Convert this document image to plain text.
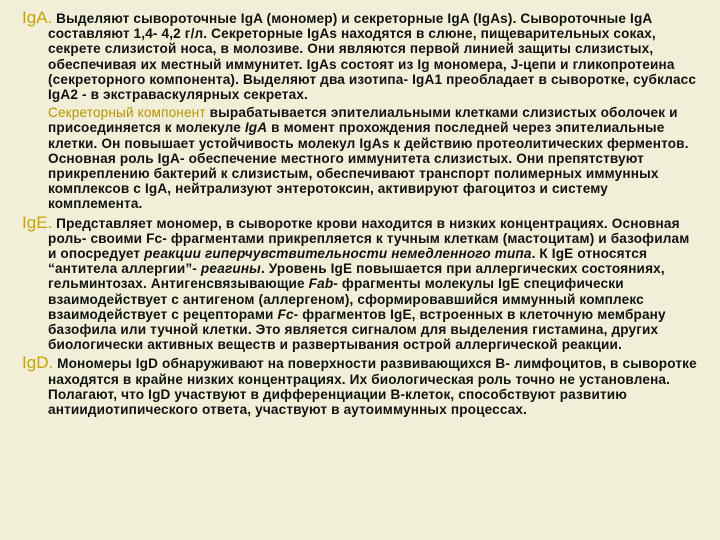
IgA. Выделяют сывороточные IgA (мономер) и секреторные IgA (IgAs). Сывороточные IgA составляют 1,4- 4,2 г/л. Секреторные IgAs находятся в слюне, пищеварительных соках, секрете слизистой носа, в молозиве. Они являются первой линией защиты слизистых, обеспечивая их местный иммунитет. IgAs состоят из Ig мономера, J-цепи и гликопротеина (секреторного компонента). Выделяют два изотипа- IgA1 преобладает в сыворотке, субкласс IgA2 - в экстраваскулярных секретах.

Секреторный компонент вырабатывается эпителиальными клетками слизистых оболочек и присоединяется к молекуле IgA в момент прохождения последней через эпителиальные клетки. Он повышает устойчивость молекул IgAs к действию протеолитических ферментов. Основная роль IgA- обеспечение местного иммунитета слизистых. Они препятствуют прикреплению бактерий к слизистым, обеспечивают транспорт полимерных иммунных комплексов с IgA, нейтрализуют энтеротоксин, активируют фагоцитоз и систему комплемента.

IgE. Представляет мономер, в сыворотке крови находится в низких концентрациях. Основная роль- своими Fc- фрагментами прикрепляется к тучным клеткам (мастоцитам) и базофилам и опосредует реакции гиперчувствительности немедленного типа. К IgE относятся “антитела аллергии”- реагины. Уровень IgE повышается при аллергических состояниях, гельминтозах. Антигенсвязывающие Fab- фрагменты молекулы IgE специфически взаимодействует с антигеном (аллергеном), сформировавшийся иммунный комплекс взаимодействует с рецепторами Fc- фрагментов IgE, встроенных в клеточную мембрану базофила или тучной клетки. Это является сигналом для выделения гистамина, других биологически активных веществ и развертывания острой аллергической реакции.

IgD. Мономеры IgD обнаруживают на поверхности развивающихся В- лимфоцитов, в сыворотке находятся в крайне низких концентрациях. Их биологическая роль точно не установлена. Полагают, что IgD участвуют в дифференциации В-клеток, способствуют развитию антиидиотипического ответа, участвуют в аутоиммунных процессах.
